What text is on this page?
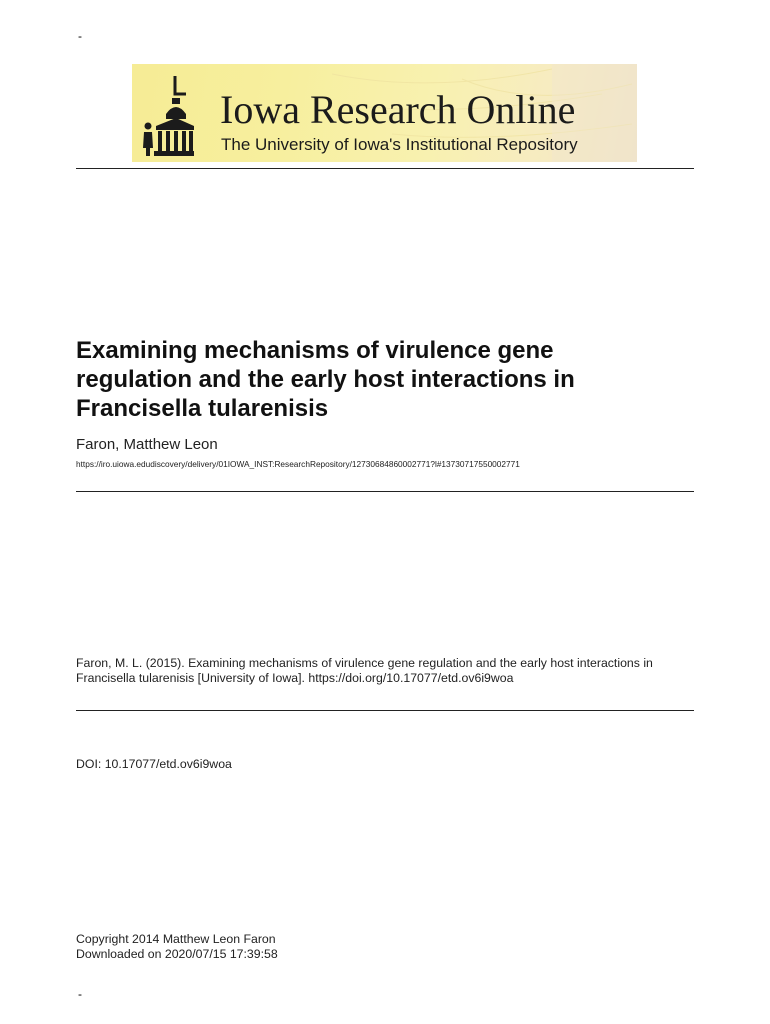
-
Iowa Research Online
The University of Iowa's Institutional Repository
Examining mechanisms of virulence gene regulation and the early host interactions in Francisella tularenisis
Faron, Matthew Leon
https://iro.uiowa.edudiscovery/delivery/01IOWA_INST:ResearchRepository/12730684860002771?l#13730717550002771
Faron, M. L. (2015). Examining mechanisms of virulence gene regulation and the early host interactions in Francisella tularenisis [University of Iowa]. https://doi.org/10.17077/etd.ov6i9woa
DOI: 10.17077/etd.ov6i9woa
Copyright 2014 Matthew Leon Faron
Downloaded on 2020/07/15 17:39:58
-
